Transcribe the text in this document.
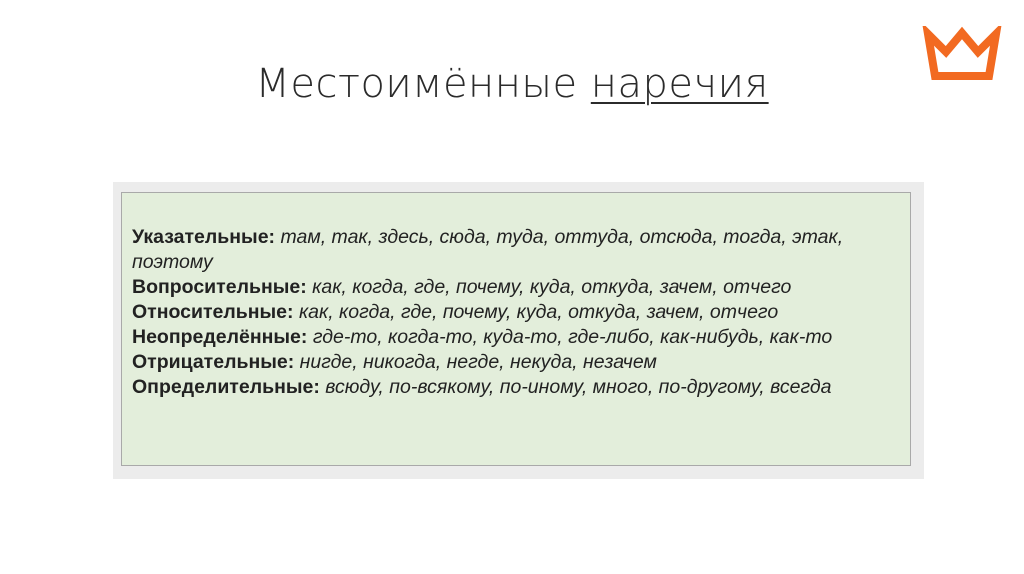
Местоимённые наречия

Указательные: там, так, здесь, сюда, туда, оттуда, отсюда, тогда, этак, поэтому

Вопросительные: как, когда, где, почему, куда, откуда, зачем, отчего

Относительные: как, когда, где, почему, куда, откуда, зачем, отчего

Неопределённые: где-то, когда-то, куда-то, где-либо, как-нибудь, как-то

Отрицательные: нигде, никогда, негде, некуда, незачем

Определительные: всюду, по-всякому, по-иному, много, по-другому, всегда
